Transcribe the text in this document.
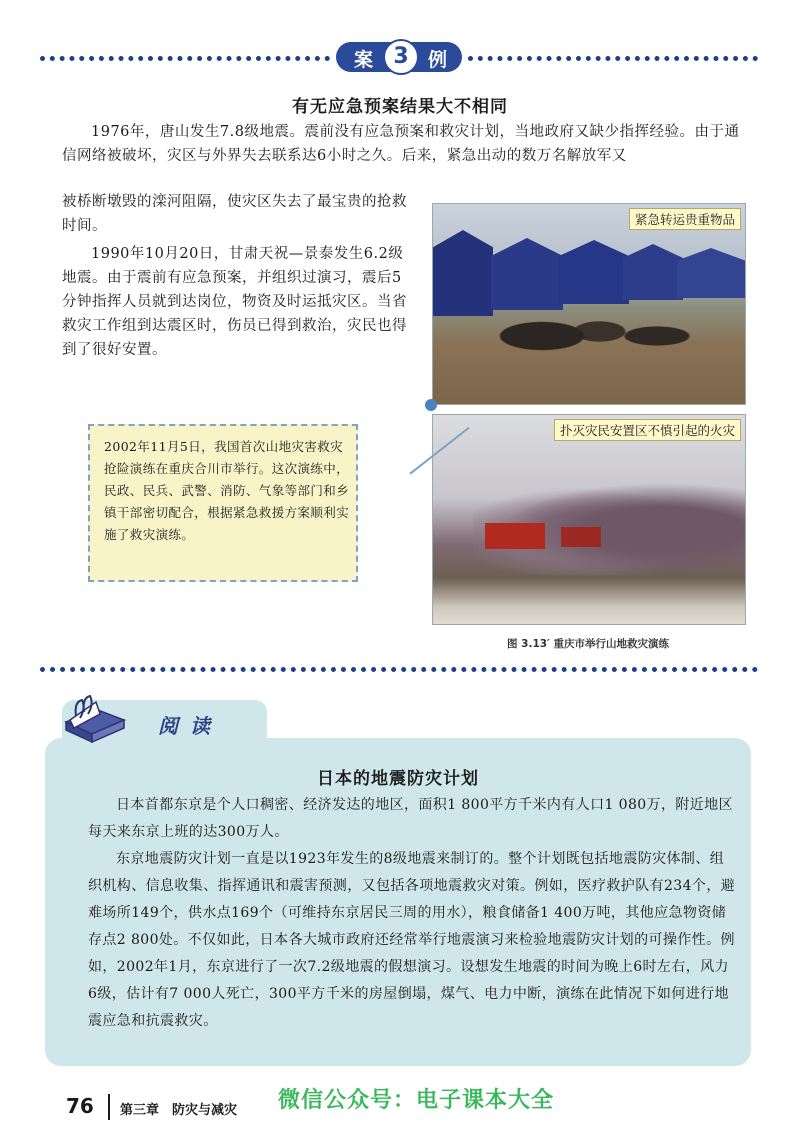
案 3	例
有无应急预案结果大不相同

1976年，唐山发生7.8级地震。震前没有应急预案和救灾计划，当地政府又缺少指挥经验。由于通信网络被破坏，灾区与外界失去联系达6小时之久。后来，紧急出动的数万名解放军又

被桥断墩毁的滦河阻隔，使灾区失去了最宝贵的抢救时间。

1990年10月20日，甘肃天祝—景泰发生6.2级地震。由于震前有应急预案，并组织过演习，震后5分钟指挥人员就到达岗位，物资及时运抵灾区。当省救灾工作组到达震区时，伤员已得到救治，灾民也得到了很好安置。

紧急转运贵重物品
扑灭灾民安置区不慎引起的火灾
图 3.13′ 重庆市举行山地救灾演练

2002年11月5日，我国首次山地灾害救灾抢险演练在重庆合川市举行。这次演练中，民政、民兵、武警、消防、气象等部门和乡镇干部密切配合，根据紧急救援方案顺利实施了救灾演练。

阅读
日本的地震防灾计划

日本首都东京是个人口稠密、经济发达的地区，面积1 800平方千米内有人口1 080万，附近地区每天来东京上班的达300万人。

东京地震防灾计划一直是以1923年发生的8级地震来制订的。整个计划既包括地震防灾体制、组织机构、信息收集、指挥通讯和震害预测，又包括各项地震救灾对策。例如，医疗救护队有234个，避难场所149个，供水点169个（可维持东京居民三周的用水），粮食储备1 400万吨，其他应急物资储存点2 800处。不仅如此，日本各大城市政府还经常举行地震演习来检验地震防灾计划的可操作性。例如，2002年1月，东京进行了一次7.2级地震的假想演习。设想发生地震的时间为晚上6时左右，风力6级，估计有7 000人死亡，300平方千米的房屋倒塌，煤气、电力中断，演练在此情况下如何进行地震应急和抗震救灾。

76 第三章　防灾与减灾 微信公众号：电子课本大全
